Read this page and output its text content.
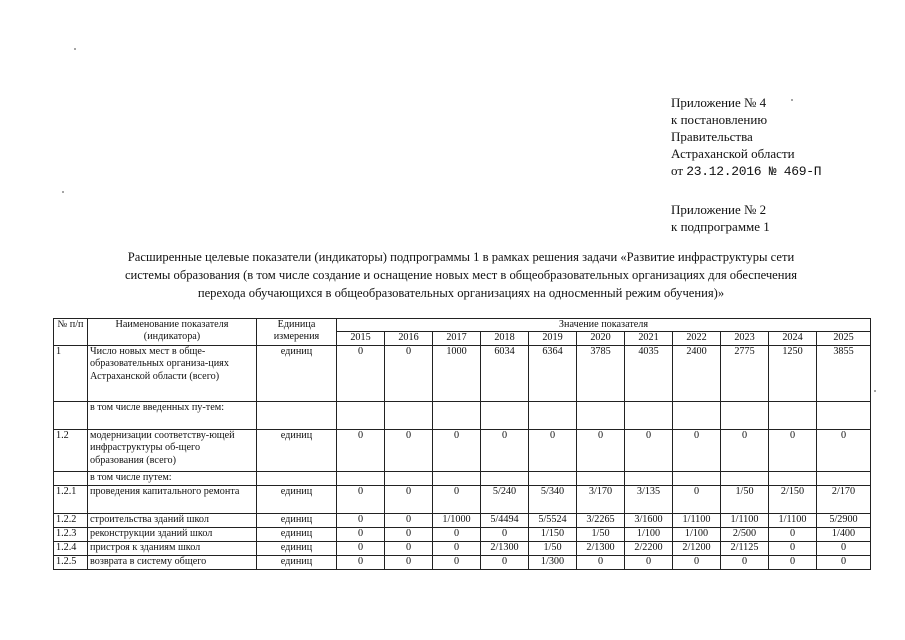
Приложение № 4
к постановлению
Правительства
Астраханской области
от 23.12.2016 № 469-П
Приложение № 2
к подпрограмме 1
Расширенные целевые показатели (индикаторы) подпрограммы 1 в рамках решения задачи «Развитие инфраструктуры сети
системы образования (в том числе создание и оснащение новых мест в общеобразовательных организациях для обеспечения
перехода обучающихся в общеобразовательных организациях на односменный режим обучения)»
№ п/п	Наименование показателя (индикатора)	Единица измерения	Значение показателя										
			2015	2016	2017	2018	2019	2020	2021	2022	2023	2024	2025
1	Число новых мест в обще-образовательных организа-циях Астраханской области (всего)	единиц	0	0	1000	6034	6364	3785	4035	2400	2775	1250	3855
	в том числе введенных пу-тем:												
1.2	модернизации соответству-ющей инфраструктуры об-щего образования (всего)	единиц	0	0	0	0	0	0	0	0	0	0	0
	в том числе путем:												
1.2.1	проведения капитального ремонта	единиц	0	0	0	5/240	5/340	3/170	3/135	0	1/50	2/150	2/170
1.2.2	строительства зданий школ	единиц	0	0	1/1000	5/4494	5/5524	3/2265	3/1600	1/1100	1/1100	1/1100	5/2900
1.2.3	реконструкции зданий школ	единиц	0	0	0	0	1/150	1/50	1/100	1/100	2/500	0	1/400
1.2.4	пристроя к зданиям школ	единиц	0	0	0	2/1300	1/50	2/1300	2/2200	2/1200	2/1125	0	0
1.2.5	возврата в систему общего	единиц	0	0	0	0	1/300	0	0	0	0	0	0
